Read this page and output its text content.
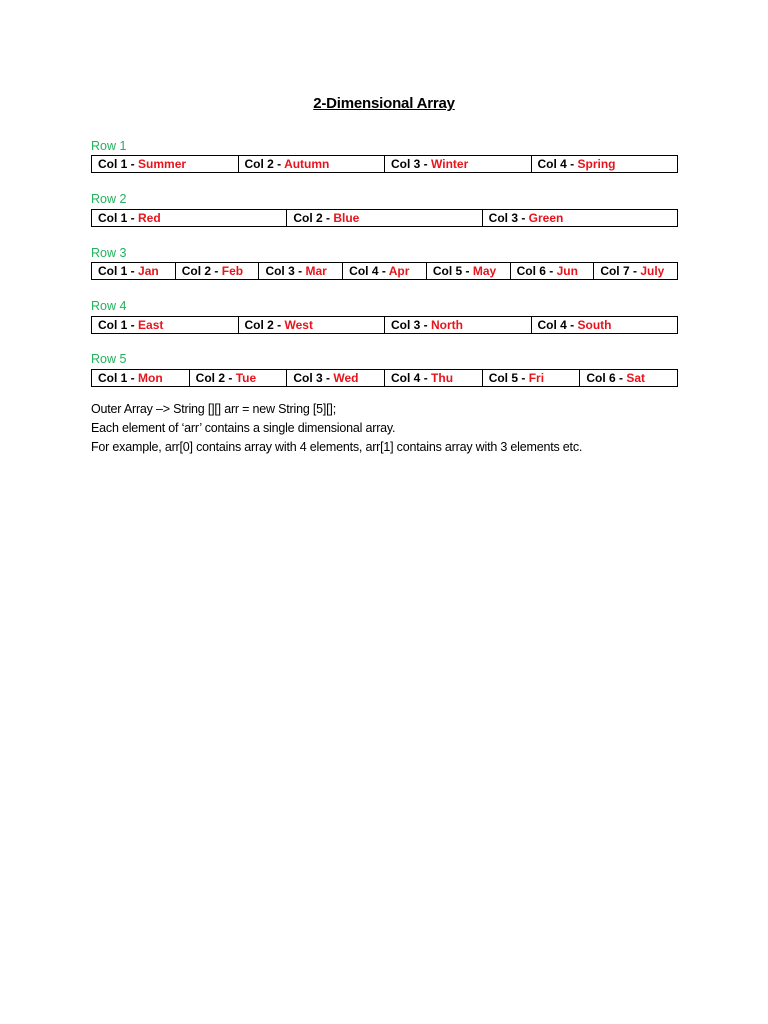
2-Dimensional Array
Row 1
Col 1 - Summer	Col 2 - Autumn	Col 3 - Winter	Col 4 - Spring
Row 2
Col 1 - Red	Col 2 - Blue	Col 3 - Green
Row 3
Col 1 - Jan	Col 2 - Feb	Col 3 - Mar	Col 4 - Apr	Col 5 - May	Col 6 - Jun	Col 7 - July
Row 4
Col 1 - East	Col 2 - West	Col 3 - North	Col 4 - South
Row 5
Col 1 - Mon	Col 2 - Tue	Col 3 - Wed	Col 4 - Thu	Col 5 - Fri	Col 6 - Sat
Outer Array –> String [][] arr = new String [5][];
Each element of ‘arr’ contains a single dimensional array.
For example, arr[0] contains array with 4 elements, arr[1] contains array with 3 elements etc.
